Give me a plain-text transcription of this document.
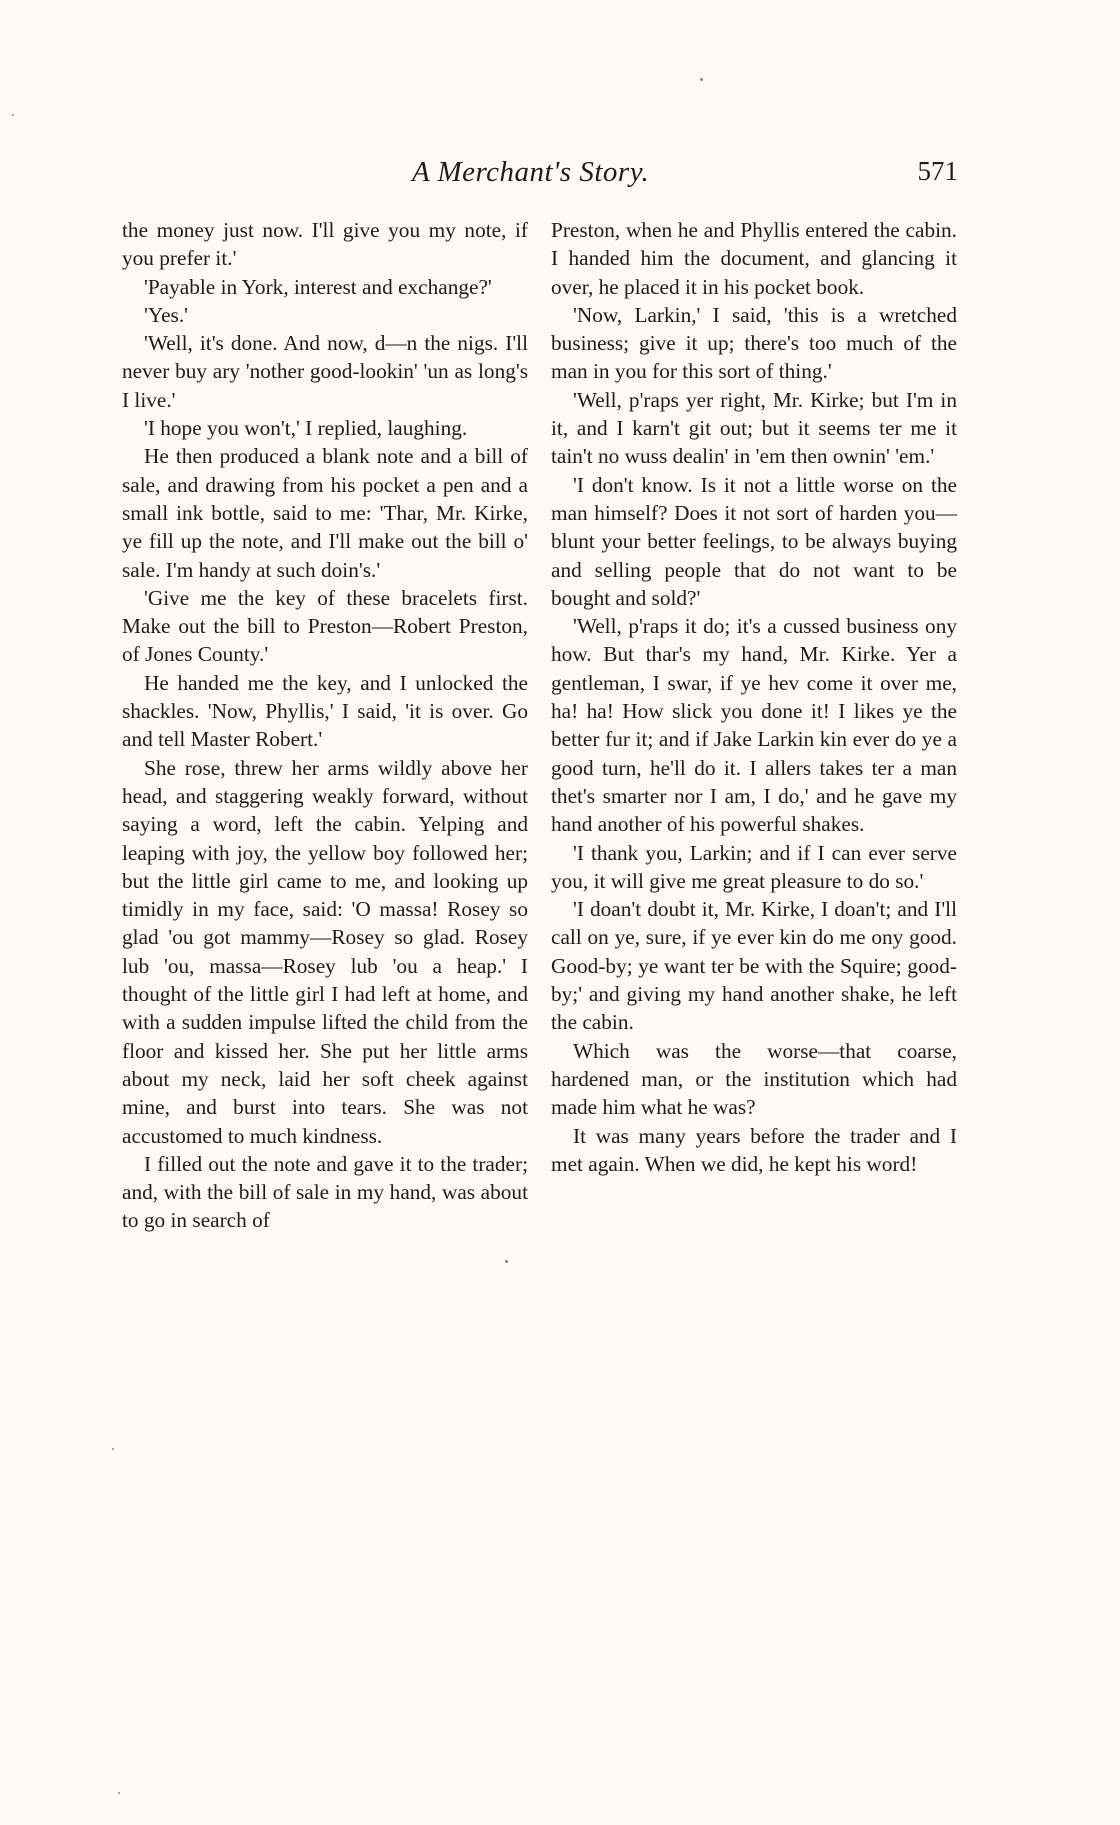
A Merchant's Story.	571

the money just now. I'll give you my note, if you prefer it.'

'Payable in York, interest and exchange?'

'Yes.'

'Well, it's done. And now, d—n the nigs. I'll never buy ary 'nother good-lookin' 'un as long's I live.'

'I hope you won't,' I replied, laughing.

He then produced a blank note and a bill of sale, and drawing from his pocket a pen and a small ink bottle, said to me: 'Thar, Mr. Kirke, ye fill up the note, and I'll make out the bill o' sale. I'm handy at such doin's.'

'Give me the key of these bracelets first. Make out the bill to Preston—Robert Preston, of Jones County.'

He handed me the key, and I unlocked the shackles. 'Now, Phyllis,' I said, 'it is over. Go and tell Master Robert.'

She rose, threw her arms wildly above her head, and staggering weakly forward, without saying a word, left the cabin. Yelping and leaping with joy, the yellow boy followed her; but the little girl came to me, and looking up timidly in my face, said: 'O massa! Rosey so glad 'ou got mammy—Rosey so glad. Rosey lub 'ou, massa—Rosey lub 'ou a heap.' I thought of the little girl I had left at home, and with a sudden impulse lifted the child from the floor and kissed her. She put her little arms about my neck, laid her soft cheek against mine, and burst into tears. She was not accustomed to much kindness.

I filled out the note and gave it to the trader; and, with the bill of sale in my hand, was about to go in search of

Preston, when he and Phyllis entered the cabin. I handed him the document, and glancing it over, he placed it in his pocket book.

'Now, Larkin,' I said, 'this is a wretched business; give it up; there's too much of the man in you for this sort of thing.'

'Well, p'raps yer right, Mr. Kirke; but I'm in it, and I karn't git out; but it seems ter me it tain't no wuss dealin' in 'em then ownin' 'em.'

'I don't know. Is it not a little worse on the man himself? Does it not sort of harden you—blunt your better feelings, to be always buying and selling people that do not want to be bought and sold?'

'Well, p'raps it do; it's a cussed business ony how. But thar's my hand, Mr. Kirke. Yer a gentleman, I swar, if ye hev come it over me, ha! ha! How slick you done it! I likes ye the better fur it; and if Jake Larkin kin ever do ye a good turn, he'll do it. I allers takes ter a man thet's smarter nor I am, I do,' and he gave my hand another of his powerful shakes.

'I thank you, Larkin; and if I can ever serve you, it will give me great pleasure to do so.'

'I doan't doubt it, Mr. Kirke, I doan't; and I'll call on ye, sure, if ye ever kin do me ony good. Good-by; ye want ter be with the Squire; good-by;' and giving my hand another shake, he left the cabin.

Which was the worse—that coarse, hardened man, or the institution which had made him what he was?

It was many years before the trader and I met again. When we did, he kept his word!
